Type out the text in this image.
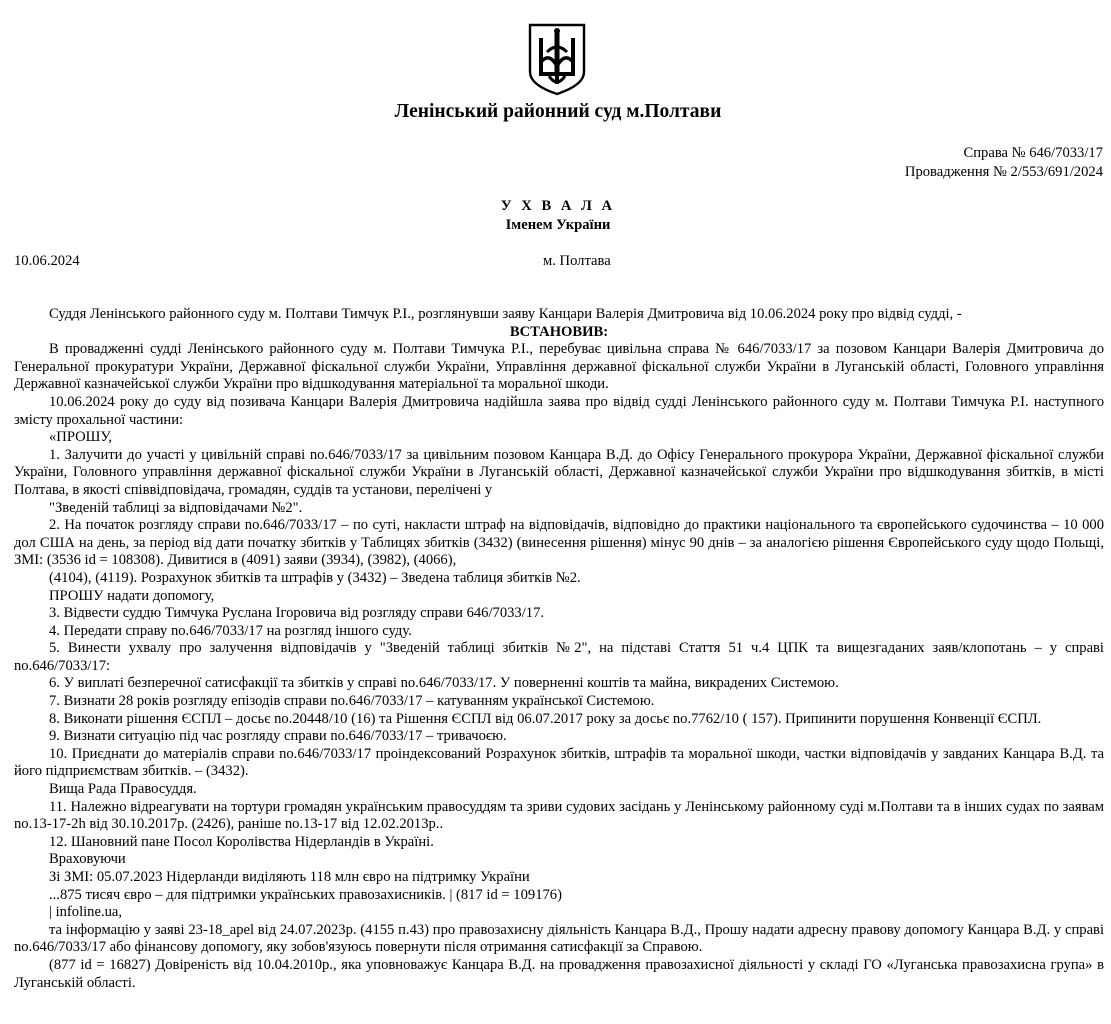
Ленінський районний суд м.Полтави
Справа № 646/7033/17
Провадження № 2/553/691/2024
У Х В А Л А
Іменем України
10.06.2024	м. Полтава

Суддя Ленінського районного суду м. Полтави Тимчук Р.І., розглянувши заяву Канцари Валерія Дмитровича від 10.06.2024 року про відвід судді, -

ВСТАНОВИВ:

В провадженні судді Ленінського районного суду м. Полтави Тимчука Р.І., перебуває цивільна справа № 646/7033/17 за позовом Канцари Валерія Дмитровича до Генеральної прокуратури України, Державної фіскальної служби України, Управління державної фіскальної служби України в Луганській області, Головного управління Державної казначейської служби України про відшкодування матеріальної та моральної шкоди.

10.06.2024 року до суду від позивача Канцари Валерія Дмитровича надійшла заява про відвід судді Ленінського районного суду м. Полтави Тимчука Р.І. наступного змісту прохальної частини:

«ПРОШУ,

1. Залучити до участі у цивільній справі no.646/7033/17 за цивільним позовом Канцара В.Д. до Офісу Генерального прокурора України, Державної фіскальної служби України, Головного управління державної фіскальної служби України в Луганській області, Державної казначейської служби України про відшкодування збитків, в місті Полтава, в якості співвідповідача, громадян, суддів та установи, перелічені у

"Зведеній таблиці за відповідачами №2".

2. На початок розгляду справи no.646/7033/17 – по суті, накласти штраф на відповідачів, відповідно до практики національного та європейського судочинства – 10 000 дол США на день, за період від дати початку збитків у Таблицях збитків (3432) (винесення рішення) мінус 90 днів – за аналогією рішення Європейського суду щодо Польщі, ЗМІ: (3536 id = 108308). Дивитися в (4091) заяви (3934), (3982), (4066),

(4104), (4119). Розрахунок збитків та штрафів у (3432) – Зведена таблиця збитків №2.

ПРОШУ надати допомогу,

3. Відвести суддю Тимчука Руслана Ігоровича від розгляду справи 646/7033/17.

4. Передати справу no.646/7033/17 на розгляд іншого суду.

5. Винести ухвалу про залучення відповідачів у "Зведеній таблиці збитків №2", на підставі Стаття 51 ч.4 ЦПК та вищезгаданих заяв/клопотань – у справі no.646/7033/17:

6. У виплаті безперечної сатисфакції та збитків у справі no.646/7033/17. У поверненні коштів та майна, викрадених Системою.

7. Визнати 28 років розгляду епізодів справи no.646/7033/17 – катуванням української Системою.

8. Виконати рішення ЄСПЛ – досьє no.20448/10 (16) та Рішення ЄСПЛ від 06.07.2017 року за досьє no.7762/10 ( 157). Припинити порушення Конвенції ЄСПЛ.

9. Визнати ситуацію під час розгляду справи no.646/7033/17 – тривачоєю.

10. Приєднати до матеріалів справи no.646/7033/17 проіндексований Розрахунок збитків, штрафів та моральної шкоди, частки відповідачів у завданих Канцара В.Д. та його підприємствам збитків. – (3432).

Вища Рада Правосуддя.

11. Належно відреагувати на тортури громадян українським правосуддям та зриви судових засідань у Ленінському районному суді м.Полтави та в інших судах по заявам no.13-17-2h від 30.10.2017р. (2426), раніше no.13-17 від 12.02.2013р..

12. Шановний пане Посол Королівства Нідерландів в Україні.

Враховуючи

Зі ЗМІ: 05.07.2023 Нідерланди виділяють 118 млн євро на підтримку України

...875 тисяч євро – для підтримки українських правозахисників. | (817 id = 109176)

| infoline.ua,

та інформацію у заяві 23-18_apel від 24.07.2023р. (4155 п.43) про правозахисну діяльність Канцара В.Д., Прошу надати адресну правову допомогу Канцара В.Д. у справі no.646/7033/17 або фінансову допомогу, яку зобов'язуюсь повернути після отримання сатисфакції за Справою.

(877 id = 16827) Довіреність від 10.04.2010р., яка уповноважує Канцара В.Д. на провадження правозахисної діяльності у складі ГО «Луганська правозахисна група» в Луганській області.
